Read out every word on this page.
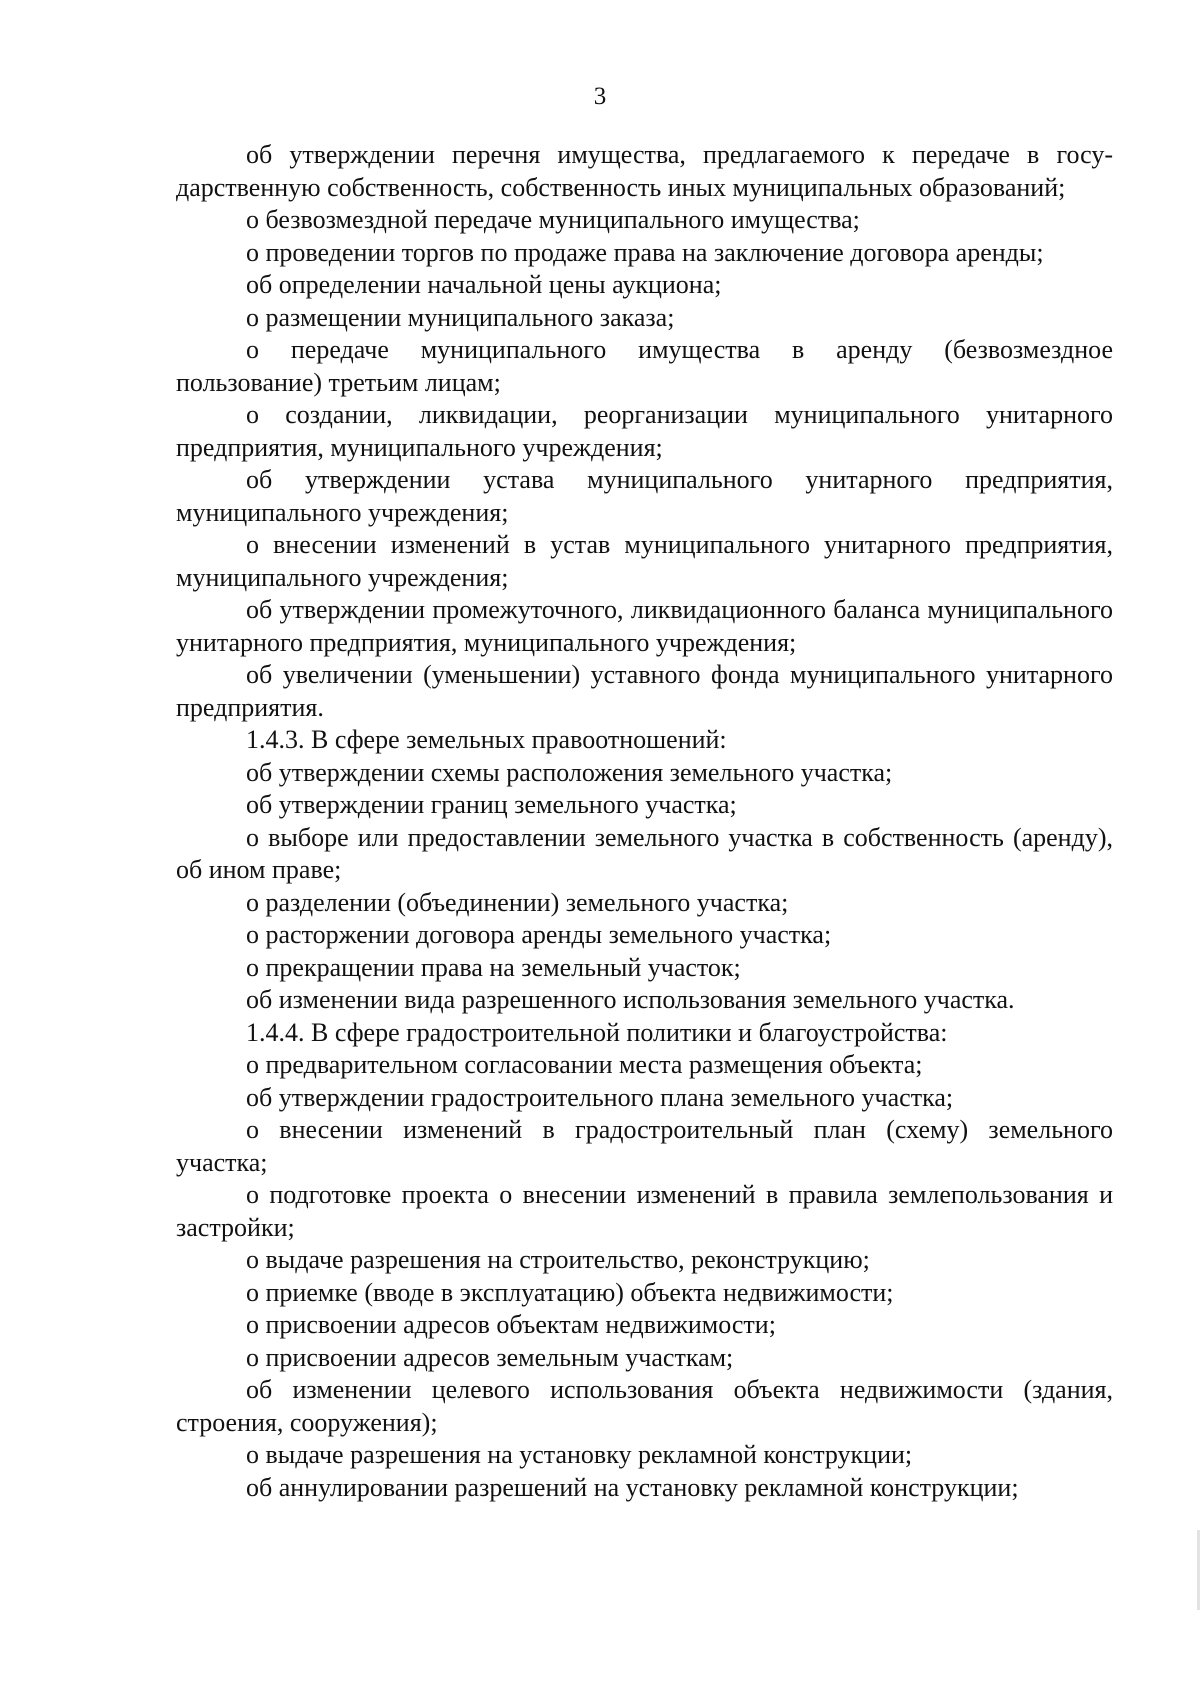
3

об утверждении перечня имущества, предлагаемого к передаче в государственную собственность, собственность иных муниципальных образований;

о безвозмездной передаче муниципального имущества;

о проведении торгов по продаже права на заключение договора аренды;

об определении начальной цены аукциона;

о размещении муниципального заказа;

о передаче муниципального имущества в аренду (безвозмездное пользование) третьим лицам;

о создании, ликвидации, реорганизации муниципального унитарного предприятия, муниципального учреждения;

об утверждении устава муниципального унитарного предприятия, муниципального учреждения;

о внесении изменений в устав муниципального унитарного предприятия, муниципального учреждения;

об утверждении промежуточного, ликвидационного баланса муниципального унитарного предприятия, муниципального учреждения;

об увеличении (уменьшении) уставного фонда муниципального унитарного предприятия.

1.4.3. В сфере земельных правоотношений:

об утверждении схемы расположения земельного участка;

об утверждении границ земельного участка;

о выборе или предоставлении земельного участка в собственность (аренду), об ином праве;

о разделении (объединении) земельного участка;

о расторжении договора аренды земельного участка;

о прекращении права на земельный участок;

об изменении вида разрешенного использования земельного участка.

1.4.4. В сфере градостроительной политики и благоустройства:

о предварительном согласовании места размещения объекта;

об утверждении градостроительного плана земельного участка;

о внесении изменений в градостроительный план (схему) земельного участка;

о подготовке проекта о внесении изменений в правила землепользования и застройки;

о выдаче разрешения на строительство, реконструкцию;

о приемке (вводе в эксплуатацию) объекта недвижимости;

о присвоении адресов объектам недвижимости;

о присвоении адресов земельным участкам;

об изменении целевого использования объекта недвижимости (здания, строения, сооружения);

о выдаче разрешения на установку рекламной конструкции;

об аннулировании разрешений на установку рекламной конструкции;
